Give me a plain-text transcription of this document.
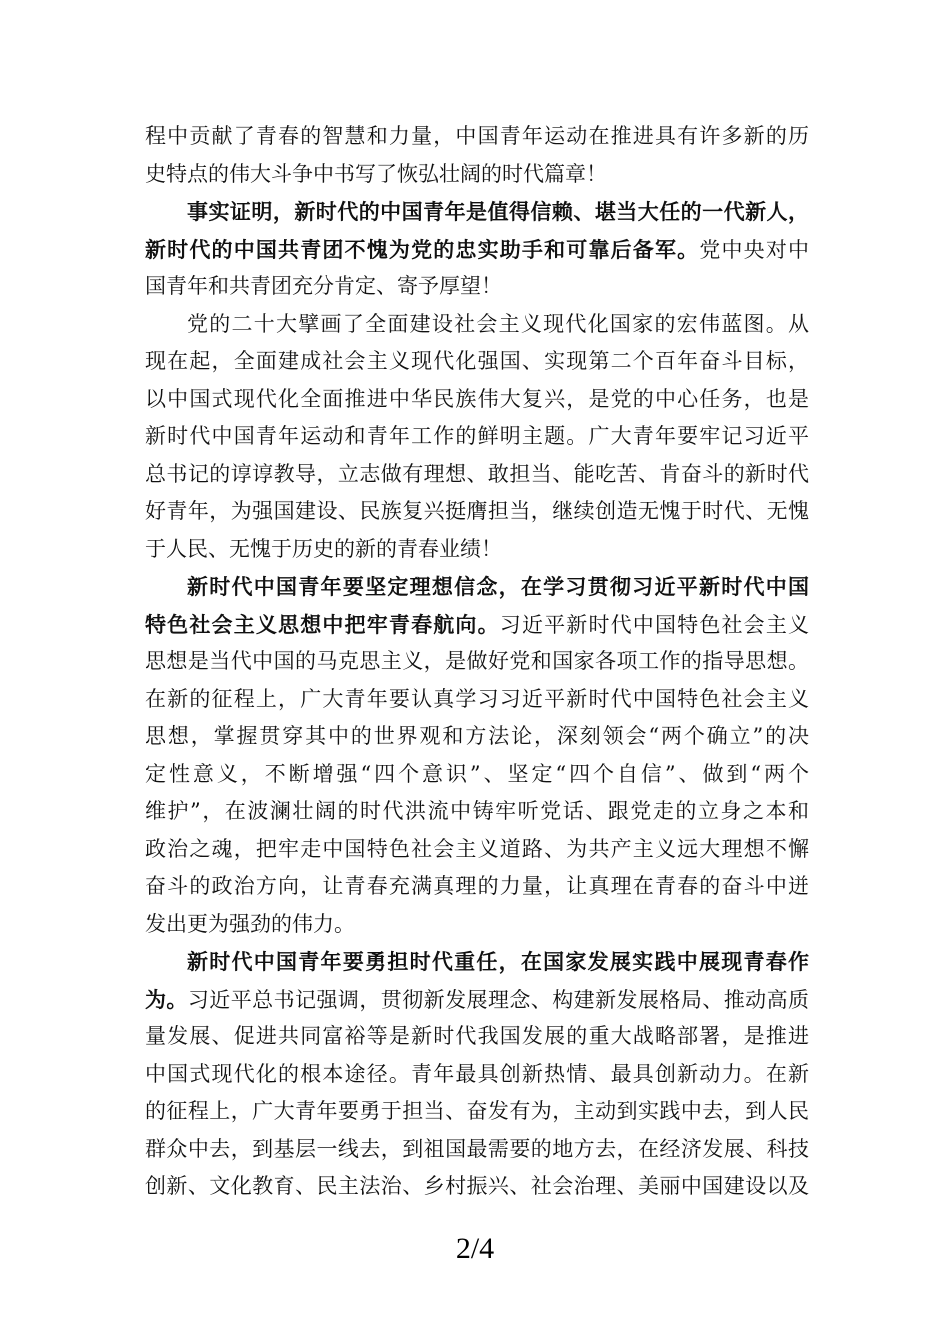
程中贡献了青春的智慧和力量，中国青年运动在推进具有许多新的历
史特点的伟大斗争中书写了恢弘壮阔的时代篇章！
事实证明，新时代的中国青年是值得信赖、堪当大任的一代新人，
新时代的中国共青团不愧为党的忠实助手和可靠后备军。党中央对中
国青年和共青团充分肯定、寄予厚望！
党的二十大擘画了全面建设社会主义现代化国家的宏伟蓝图。从
现在起，全面建成社会主义现代化强国、实现第二个百年奋斗目标，
以中国式现代化全面推进中华民族伟大复兴，是党的中心任务，也是
新时代中国青年运动和青年工作的鲜明主题。广大青年要牢记习近平
总书记的谆谆教导，立志做有理想、敢担当、能吃苦、肯奋斗的新时代
好青年，为强国建设、民族复兴挺膺担当，继续创造无愧于时代、无愧
于人民、无愧于历史的新的青春业绩！
新时代中国青年要坚定理想信念，在学习贯彻习近平新时代中国
特色社会主义思想中把牢青春航向。习近平新时代中国特色社会主义
思想是当代中国的马克思主义，是做好党和国家各项工作的指导思想。
在新的征程上，广大青年要认真学习习近平新时代中国特色社会主义
思想，掌握贯穿其中的世界观和方法论，深刻领会“两个确立”的决
定性意义，不断增强“四个意识”、坚定“四个自信”、做到“两个
维护”，在波澜壮阔的时代洪流中铸牢听党话、跟党走的立身之本和
政治之魂，把牢走中国特色社会主义道路、为共产主义远大理想不懈
奋斗的政治方向，让青春充满真理的力量，让真理在青春的奋斗中迸
发出更为强劲的伟力。
新时代中国青年要勇担时代重任，在国家发展实践中展现青春作
为。习近平总书记强调，贯彻新发展理念、构建新发展格局、推动高质
量发展、促进共同富裕等是新时代我国发展的重大战略部署，是推进
中国式现代化的根本途径。青年最具创新热情、最具创新动力。在新
的征程上，广大青年要勇于担当、奋发有为，主动到实践中去，到人民
群众中去，到基层一线去，到祖国最需要的地方去，在经济发展、科技
创新、文化教育、民主法治、乡村振兴、社会治理、美丽中国建设以及
2/4
